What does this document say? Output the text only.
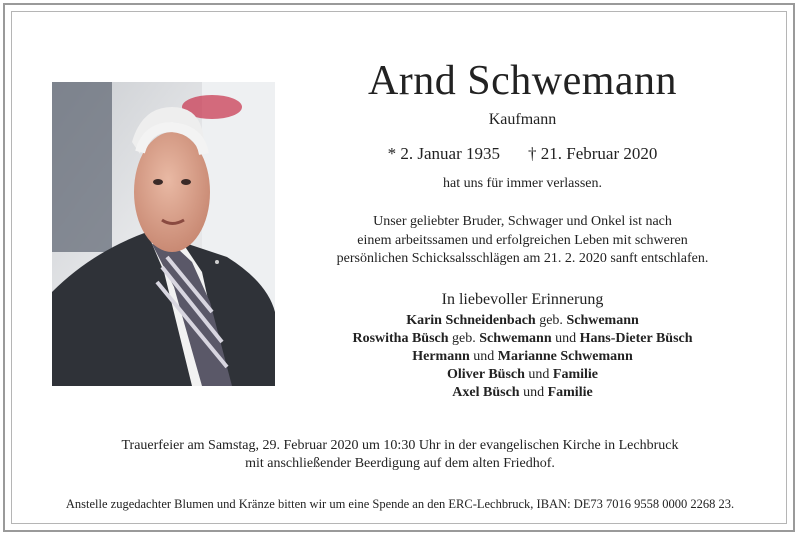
Arnd Schwemann
Kaufmann
* 2. Januar 1935 † 21. Februar 2020
hat uns für immer verlassen.
Unser geliebter Bruder, Schwager und Onkel ist nach
einem arbeitssamen und erfolgreichen Leben mit schweren
persönlichen Schicksalsschlägen am 21. 2. 2020 sanft entschlafen.
In liebevoller Erinnerung
Karin Schneidenbach geb. Schwemann
Roswitha Büsch geb. Schwemann und Hans-Dieter Büsch
Hermann und Marianne Schwemann
Oliver Büsch und Familie
Axel Büsch und Familie
Trauerfeier am Samstag, 29. Februar 2020 um 10:30 Uhr in der evangelischen Kirche in Lechbruck
mit anschließender Beerdigung auf dem alten Friedhof.
Anstelle zugedachter Blumen und Kränze bitten wir um eine Spende an den ERC-Lechbruck, IBAN: DE73 7016 9558 0000 2268 23.
